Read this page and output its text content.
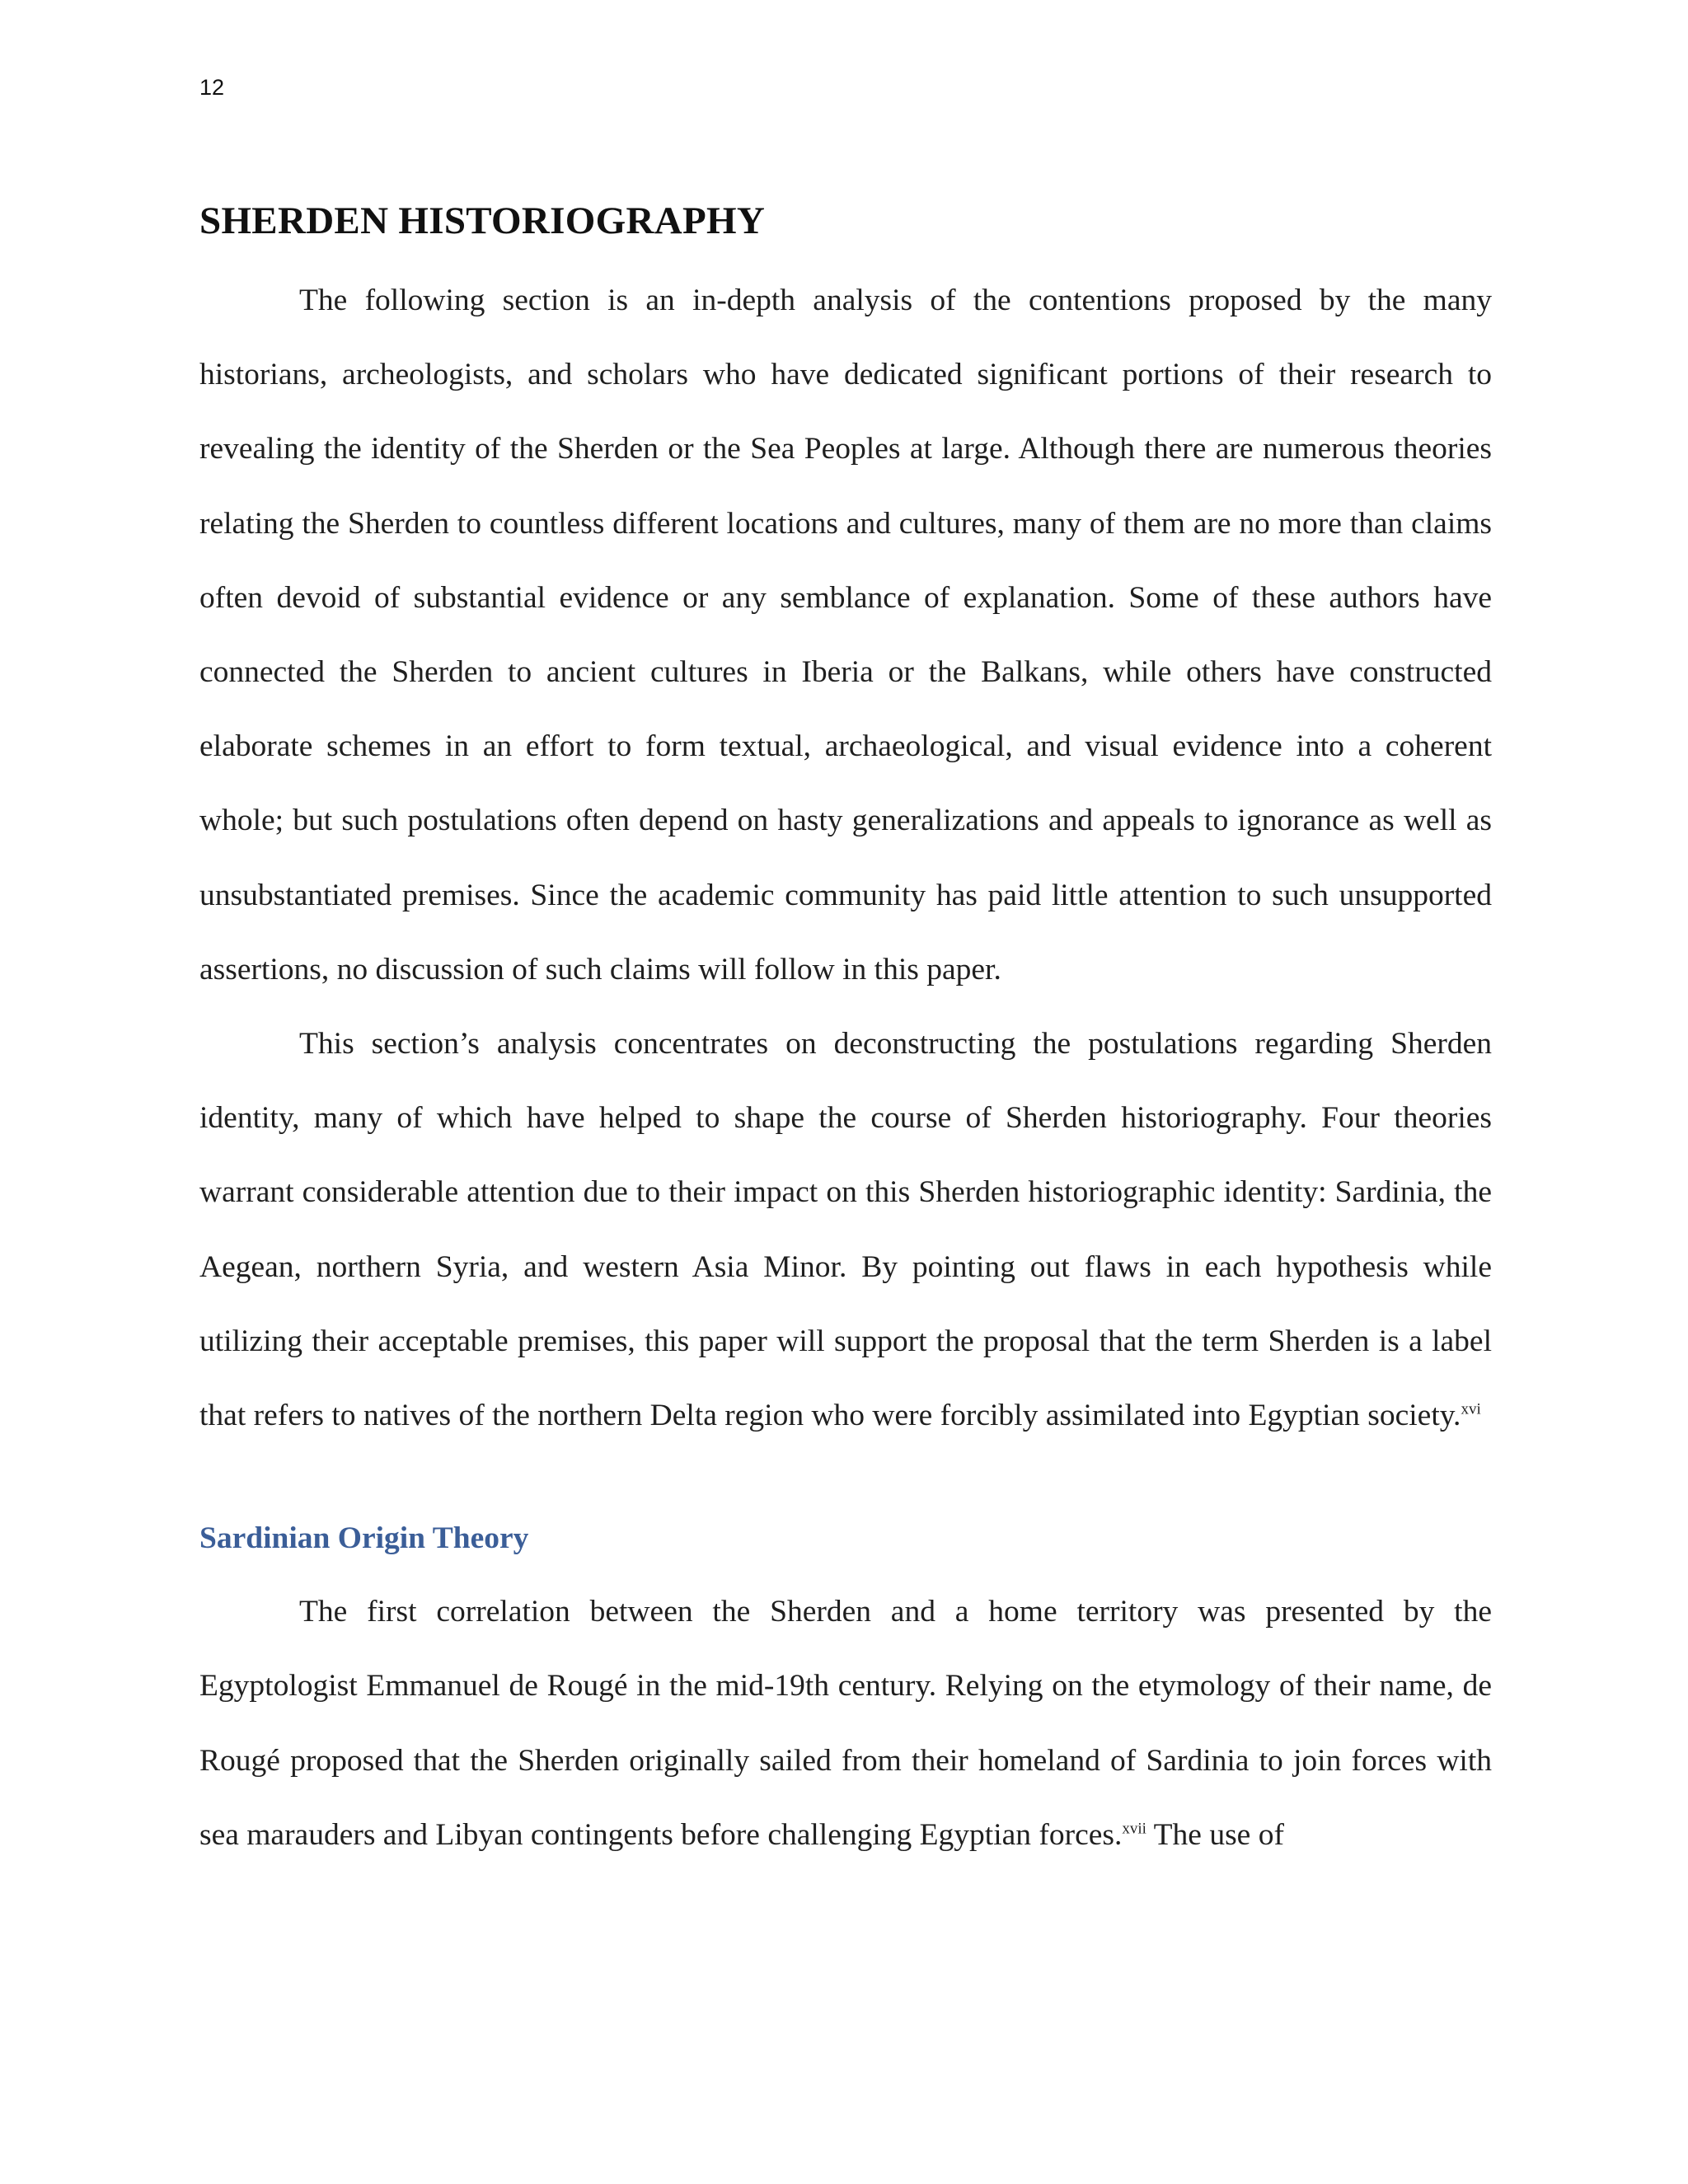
12
SHERDEN HISTORIOGRAPHY

The following section is an in-depth analysis of the contentions proposed by the many historians, archeologists, and scholars who have dedicated significant portions of their research to revealing the identity of the Sherden or the Sea Peoples at large. Although there are numerous theories relating the Sherden to countless different locations and cultures, many of them are no more than claims often devoid of substantial evidence or any semblance of explanation. Some of these authors have connected the Sherden to ancient cultures in Iberia or the Balkans, while others have constructed elaborate schemes in an effort to form textual, archaeological, and visual evidence into a coherent whole; but such postulations often depend on hasty generalizations and appeals to ignorance as well as unsubstantiated premises. Since the academic community has paid little attention to such unsupported assertions, no discussion of such claims will follow in this paper.

This section’s analysis concentrates on deconstructing the postulations regarding Sherden identity, many of which have helped to shape the course of Sherden historiography. Four theories warrant considerable attention due to their impact on this Sherden historiographic identity: Sardinia, the Aegean, northern Syria, and western Asia Minor. By pointing out flaws in each hypothesis while utilizing their acceptable premises, this paper will support the proposal that the term Sherden is a label that refers to natives of the northern Delta region who were forcibly assimilated into Egyptian society.$^{xvi}$

Sardinian Origin Theory

The first correlation between the Sherden and a home territory was presented by the Egyptologist Emmanuel de Rougé in the mid-19th century. Relying on the etymology of their name, de Rougé proposed that the Sherden originally sailed from their homeland of Sardinia to join forces with sea marauders and Libyan contingents before challenging Egyptian forces.$^{xvii}$ The use of
